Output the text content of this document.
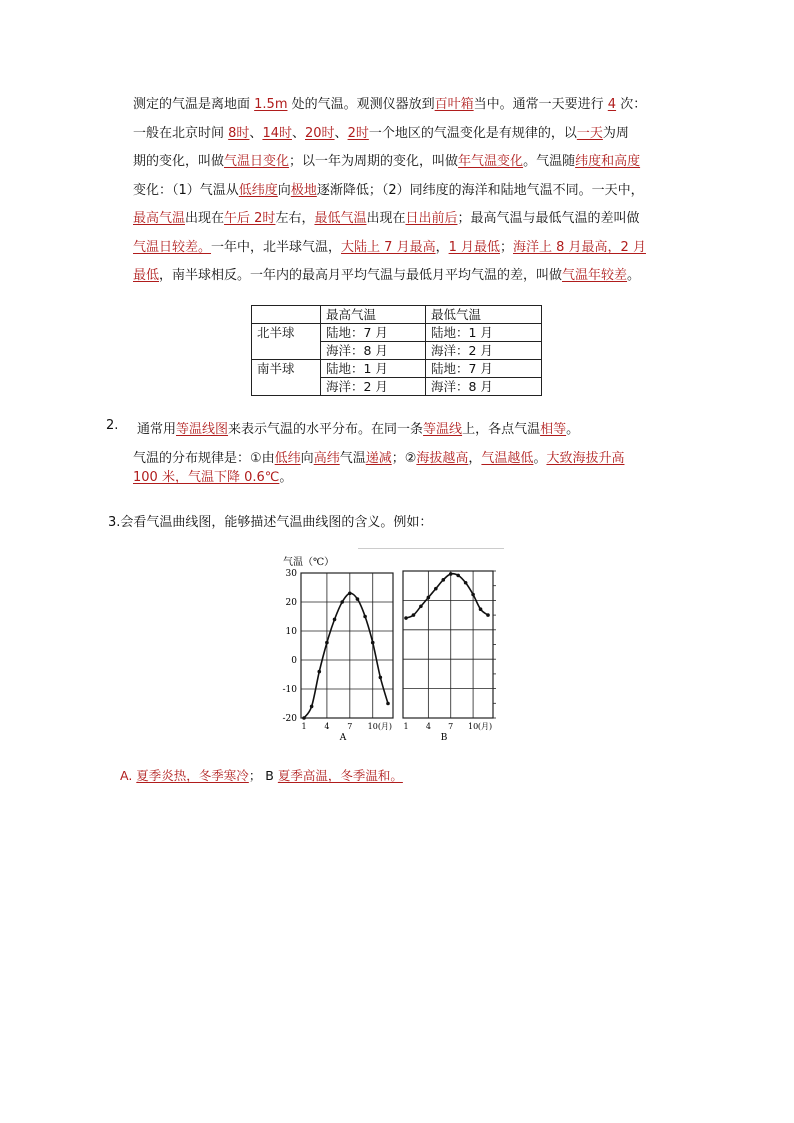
测定的气温是离地面 1.5m 处的气温。观测仪器放到百叶箱当中。通常一天要进行 4 次：

一般在北京时间 8时、14时、20时、2时一个地区的气温变化是有规律的，以一天为周

期的变化，叫做气温日变化；以一年为周期的变化，叫做年气温变化。气温随纬度和高度

变化：（1）气温从低纬度向极地逐渐降低；（2）同纬度的海洋和陆地气温不同。一天中，

最高气温出现在午后 2时左右，最低气温出现在日出前后；最高气温与最低气温的差叫做

气温日较差。一年中，北半球气温，大陆上 7 月最高，1 月最低；海洋上 8 月最高，2 月

最低，南半球相反。一年内的最高月平均气温与最低月平均气温的差，叫做气温年较差。

	最高气温	最低气温
北半球	陆地：7 月	陆地：1 月
	海洋：8 月	海洋：2 月
南半球	陆地：1 月	陆地：7 月
	海洋：2 月	海洋：8 月
2. 通常用等温线图来表示气温的水平分布。在同一条等温线上，各点气温相等。
气温的分布规律是：①由低纬向高纬气温递减；②海拔越高，气温越低。大致海拔升高
100 米，气温下降 0.6℃。
3.会看气温曲线图，能够描述气温曲线图的含义。例如：
气温（℃）
30
20
10
0
-10
-20
1 4 7 10 (月)
A
1 4 7 10 (月)
B
A. 夏季炎热，冬季寒冷； B 夏季高温，冬季温和。
